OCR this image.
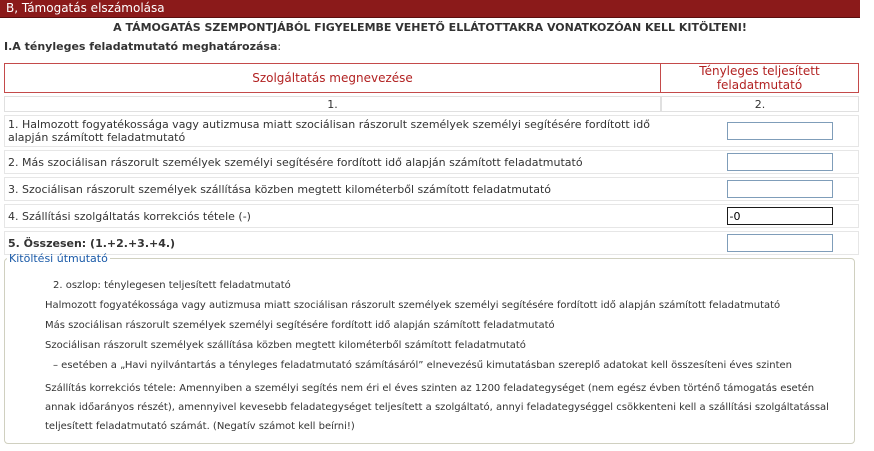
B, Támogatás elszámolása
A TÁMOGATÁS SZEMPONTJÁBÓL FIGYELEMBE VEHETŐ ELLÁTOTTAKRA VONATKOZÓAN KELL KITÖLTENI!
I.A tényleges feladatmutató meghatározása:
Szolgáltatás megnevezése	Tényleges teljesített feladatmutató
1.	2.
1. Halmozott fogyatékossága vagy autizmusa miatt szociálisan rászorult személyek személyi segítésére fordított idő alapján számított feladatmutató	
2. Más szociálisan rászorult személyek személyi segítésére fordított idő alapján számított feladatmutató	
3. Szociálisan rászorult személyek szállítása közben megtett kilométerből számított feladatmutató	
4. Szállítási szolgáltatás korrekciós tétele (-)	-0
5. Összesen: (1.+2.+3.+4.)	
Kitöltési útmutató

2. oszlop: ténylegesen teljesített feladatmutató

Halmozott fogyatékossága vagy autizmusa miatt szociálisan rászorult személyek személyi segítésére fordított idő alapján számított feladatmutató

Más szociálisan rászorult személyek személyi segítésére fordított idő alapján számított feladatmutató

Szociálisan rászorult személyek szállítása közben megtett kilométerből számított feladatmutató

– esetében a „Havi nyilvántartás a tényleges feladatmutató számításáról” elnevezésű kimutatásban szereplő adatokat kell összesíteni éves szinten

Szállítás korrekciós tétele: Amennyiben a személyi segítés nem éri el éves szinten az 1200 feladategységet (nem egész évben történő támogatás esetén annak időarányos részét), amennyivel kevesebb feladategységet teljesített a szolgáltató, annyi feladategységgel csökkenteni kell a szállítási szolgáltatással teljesített feladatmutató számát. (Negatív számot kell beírni!)
